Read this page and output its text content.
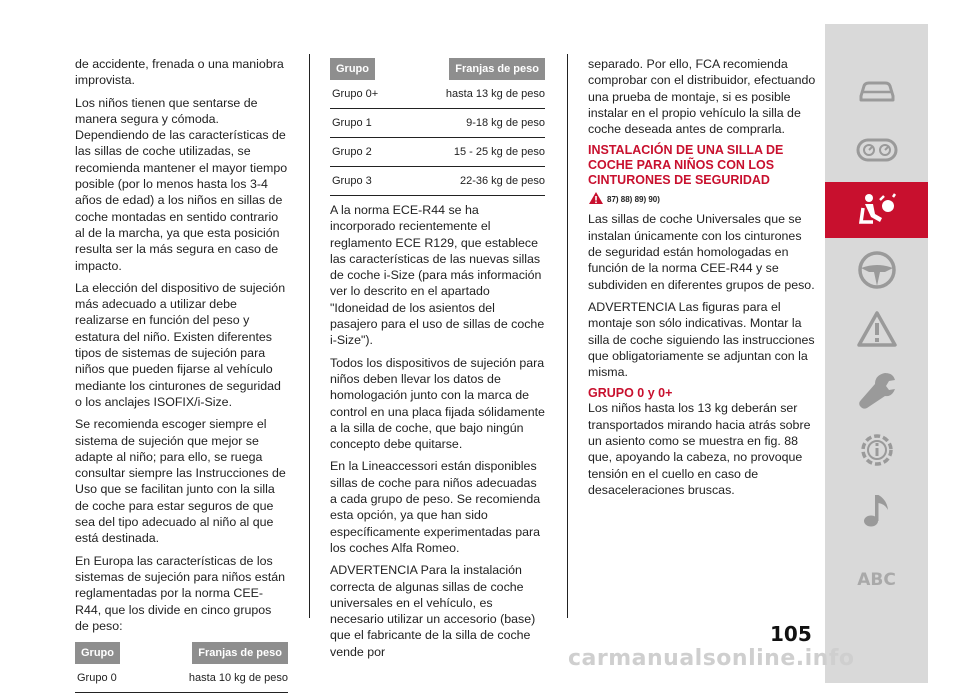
de accidente, frenada o una maniobra improvista.

Los niños tienen que sentarse de manera segura y cómoda. Dependiendo de las características de las sillas de coche utilizadas, se recomienda mantener el mayor tiempo posible (por lo menos hasta los 3-4 años de edad) a los niños en sillas de coche montadas en sentido contrario al de la marcha, ya que esta posición resulta ser la más segura en caso de impacto.

La elección del dispositivo de sujeción más adecuado a utilizar debe realizarse en función del peso y estatura del niño. Existen diferentes tipos de sistemas de sujeción para niños que pueden fijarse al vehículo mediante los cinturones de seguridad o los anclajes ISOFIX/i-Size.

Se recomienda escoger siempre el sistema de sujeción que mejor se adapte al niño; para ello, se ruega consultar siempre las Instrucciones de Uso que se facilitan junto con la silla de coche para estar seguros de que sea del tipo adecuado al niño al que está destinada.

En Europa las características de los sistemas de sujeción para niños están reglamentadas por la norma CEE-R44, que los divide en cinco grupos de peso:

Grupo	Franjas de peso
Grupo 0	hasta 10 kg de peso
Grupo	Franjas de peso
Grupo 0+	hasta 13 kg de peso
Grupo 1	9-18 kg de peso
Grupo 2	15 - 25 kg de peso
Grupo 3	22-36 kg de peso

A la norma ECE-R44 se ha incorporado recientemente el reglamento ECE R129, que establece las características de las nuevas sillas de coche i-Size (para más información ver lo descrito en el apartado "Idoneidad de los asientos del pasajero para el uso de sillas de coche i-Size").

Todos los dispositivos de sujeción para niños deben llevar los datos de homologación junto con la marca de control en una placa fijada sólidamente a la silla de coche, que bajo ningún concepto debe quitarse.

En la Lineaccessori están disponibles sillas de coche para niños adecuadas a cada grupo de peso. Se recomienda esta opción, ya que han sido específicamente experimentadas para los coches Alfa Romeo.

ADVERTENCIA Para la instalación correcta de algunas sillas de coche universales en el vehículo, es necesario utilizar un accesorio (base) que el fabricante de la silla de coche vende por

separado. Por ello, FCA recomienda comprobar con el distribuidor, efectuando una prueba de montaje, si es posible instalar en el propio vehículo la silla de coche deseada antes de comprarla.

INSTALACIÓN DE UNA SILLA DE COCHE PARA NIÑOS CON LOS CINTURONES DE SEGURIDAD
87) 88) 89) 90)

Las sillas de coche Universales que se instalan únicamente con los cinturones de seguridad están homologadas en función de la norma CEE-R44 y se subdividen en diferentes grupos de peso.

ADVERTENCIA Las figuras para el montaje son sólo indicativas. Montar la silla de coche siguiendo las instrucciones que obligatoriamente se adjuntan con la misma.

GRUPO 0 y 0+

Los niños hasta los 13 kg deberán ser transportados mirando hacia atrás sobre un asiento como se muestra en fig. 88 que, apoyando la cabeza, no provoque tensión en el cuello en caso de desaceleraciones bruscas.

ABC
105
carmanualsonline.info
